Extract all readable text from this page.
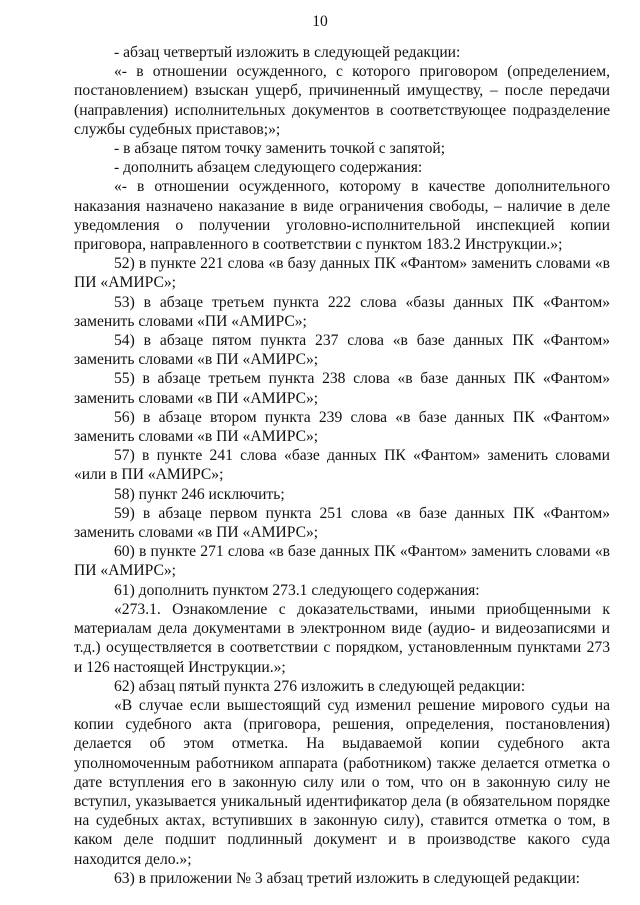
10

- абзац четвертый изложить в следующей редакции:

«- в отношении осужденного, с которого приговором (определением, постановлением) взыскан ущерб, причиненный имуществу, – после передачи (направления) исполнительных документов в соответствующее подразделение службы судебных приставов;»;

- в абзаце пятом точку заменить точкой с запятой;

- дополнить абзацем следующего содержания:

«- в отношении осужденного, которому в качестве дополнительного наказания назначено наказание в виде ограничения свободы, – наличие в деле уведомления о получении уголовно-исполнительной инспекцией копии приговора, направленного в соответствии с пунктом 183.2 Инструкции.»;

52) в пункте 221 слова «в базу данных ПК «Фантом» заменить словами «в ПИ «АМИРС»;

53) в абзаце третьем пункта 222 слова «базы данных ПК «Фантом» заменить словами «ПИ «АМИРС»;

54) в абзаце пятом пункта 237 слова «в базе данных ПК «Фантом» заменить словами «в ПИ «АМИРС»;

55) в абзаце третьем пункта 238 слова «в базе данных ПК «Фантом» заменить словами «в ПИ «АМИРС»;

56) в абзаце втором пункта 239 слова «в базе данных ПК «Фантом» заменить словами «в ПИ «АМИРС»;

57) в пункте 241 слова «базе данных ПК «Фантом» заменить словами «или в ПИ «АМИРС»;

58) пункт 246 исключить;

59) в абзаце первом пункта 251 слова «в базе данных ПК «Фантом» заменить словами «в ПИ «АМИРС»;

60) в пункте 271 слова «в базе данных ПК «Фантом» заменить словами «в ПИ «АМИРС»;

61) дополнить пунктом 273.1 следующего содержания:

«273.1. Ознакомление с доказательствами, иными приобщенными к материалам дела документами в электронном виде (аудио- и видеозаписями и т.д.) осуществляется в соответствии с порядком, установленным пунктами 273 и 126 настоящей Инструкции.»;

62) абзац пятый пункта 276 изложить в следующей редакции:

«В случае если вышестоящий суд изменил решение мирового судьи на копии судебного акта (приговора, решения, определения, постановления) делается об этом отметка. На выдаваемой копии судебного акта уполномоченным работником аппарата (работником) также делается отметка о дате вступления его в законную силу или о том, что он в законную силу не вступил, указывается уникальный идентификатор дела (в обязательном порядке на судебных актах, вступивших в законную силу), ставится отметка о том, в каком деле подшит подлинный документ и в производстве какого суда находится дело.»;

63) в приложении № 3 абзац третий изложить в следующей редакции:
